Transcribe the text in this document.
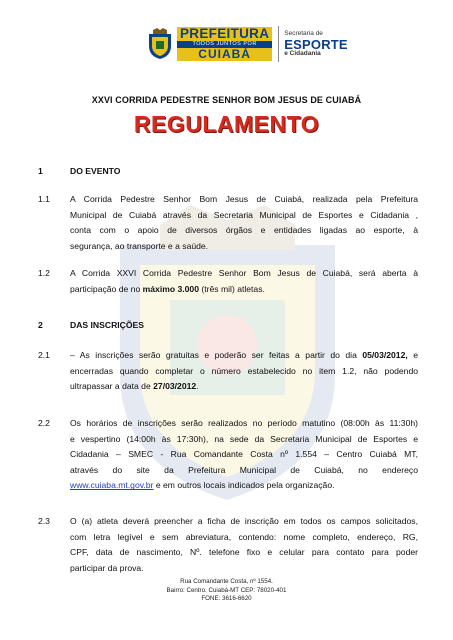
PREFEITURA
TODOS JUNTOS POR
CUIABÁ
Secretaria de
ESPORTE
e Cidadania
XXVI CORRIDA PEDESTRE SENHOR BOM JESUS DE CUIABÁ
REGULAMENTO
1	DO EVENTO
1.1 A Corrida Pedestre Senhor Bom Jesus de Cuiabá, realizada pela Prefeitura
Municipal de Cuiabá através da Secretaria Municipal de Esportes e Cidadania ,
conta com o apoio de diversos órgãos e entidades ligadas ao esporte, à
segurança, ao transporte e a saúde.
1.2 A Corrida XXVI Corrida Pedestre Senhor Bom Jesus de Cuiabá, será aberta à
participação de no máximo 3.000 (três mil) atletas.
2	DAS INSCRIÇÕES
2.1 – As inscrições serão gratuitas e poderão ser feitas a partir do dia 05/03/2012, e
encerradas quando completar o número estabelecido no item 1.2, não podendo
ultrapassar a data de 27/03/2012.
2.2 Os horários de inscrições serão realizados no período matutino (08:00h às 11:30h)
e vespertino (14:00h às 17:30h), na sede da Secretaria Municipal de Esportes e
Cidadania – SMEC - Rua Comandante Costa nº 1.554 – Centro Cuiabá MT,
através do site da Prefeitura Municipal de Cuiabá, no endereço
www.cuiaba.mt.gov.br e em outros locais indicados pela organização.
2.3 O (a) atleta deverá preencher a ficha de inscrição em todos os campos solicitados,
com letra legível e sem abreviatura, contendo: nome completo, endereço, RG,
CPF, data de nascimento, Nº. telefone fixo e celular para contato para poder
participar da prova.
Rua Comandante Costa, nº 1554.
Bairro: Centro. Cuiabá-MT CEP: 78020-401
FONE: 3616-6620
